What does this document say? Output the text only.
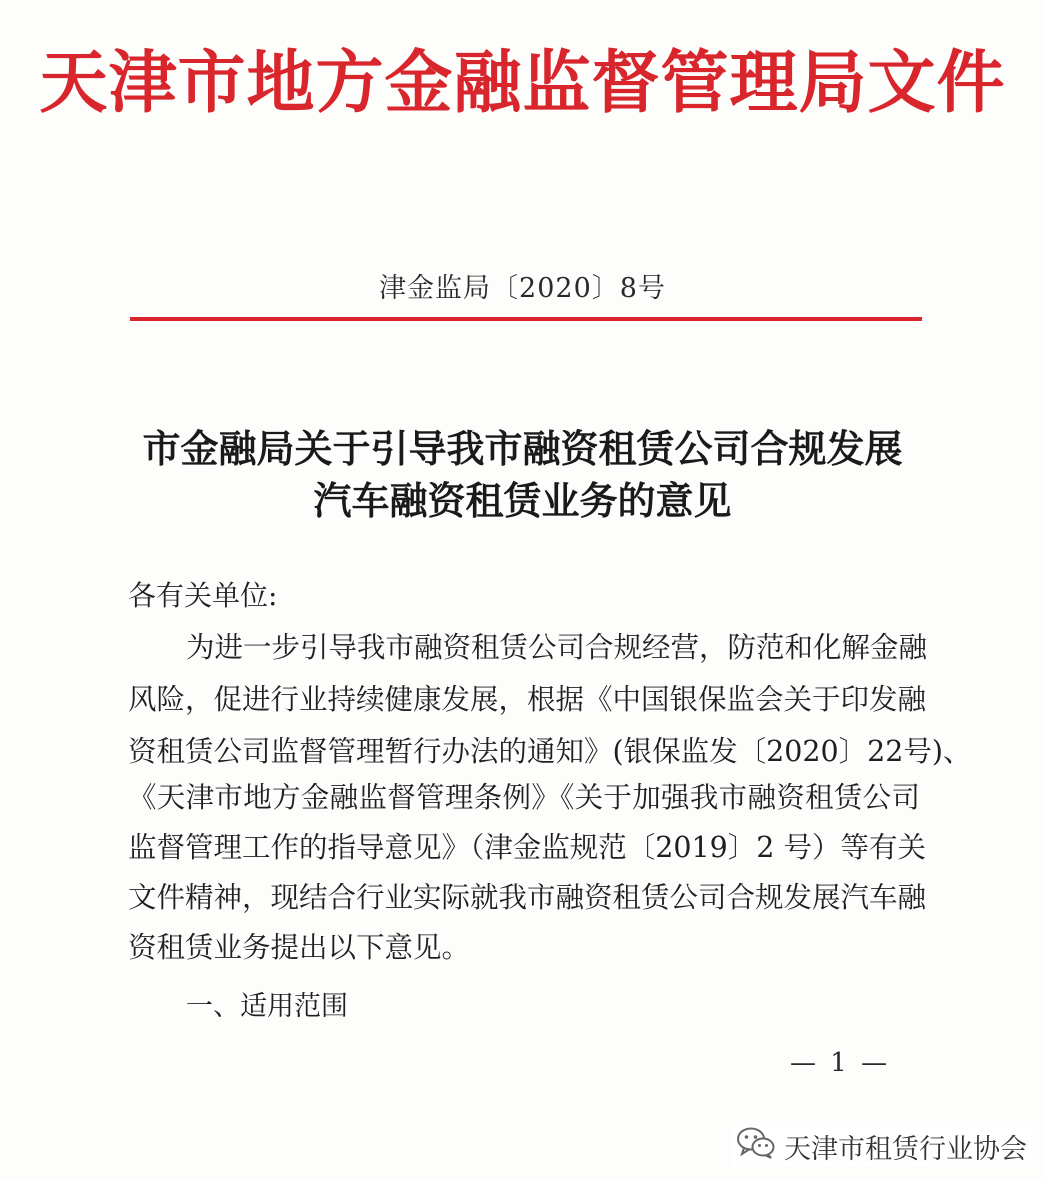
天津市地方金融监督管理局文件
津金监局〔2020〕8号
市金融局关于引导我市融资租赁公司合规发展
汽车融资租赁业务的意见
各有关单位:
为进一步引导我市融资租赁公司合规经营，防范和化解金融
风险，促进行业持续健康发展，根据《中国银保监会关于印发融
资租赁公司监督管理暂行办法的通知》(银保监发〔2020〕22号)、
《天津市地方金融监督管理条例》《关于加强我市融资租赁公司
监督管理工作的指导意见》（津金监规范〔2019〕2 号）等有关
文件精神，现结合行业实际就我市融资租赁公司合规发展汽车融
资租赁业务提出以下意见。
一、适用范围
— 1 —
天津市租赁行业协会
